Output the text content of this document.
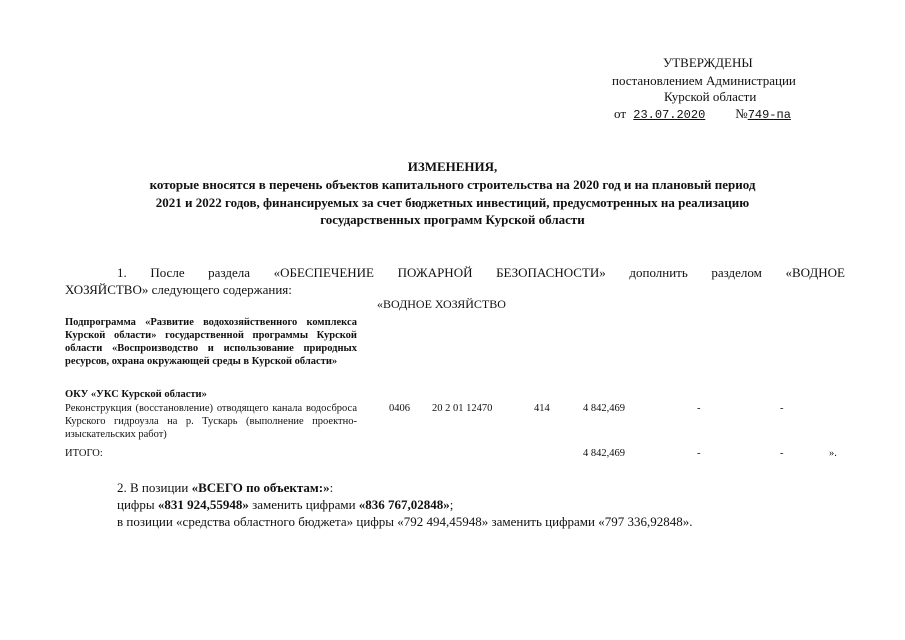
УТВЕРЖДЕНЫ
постановлением Администрации
Курской области
от 23.07.2020 №749-па
ИЗМЕНЕНИЯ,
которые вносятся в перечень объектов капитального строительства на 2020 год и на плановый период
2021 и 2022 годов, финансируемых за счет бюджетных инвестиций, предусмотренных на реализацию
государственных программ Курской области
1. После раздела «ОБЕСПЕЧЕНИЕ ПОЖАРНОЙ БЕЗОПАСНОСТИ» дополнить разделом «ВОДНОЕ
ХОЗЯЙСТВО» следующего содержания:
«ВОДНОЕ ХОЗЯЙСТВО
Подпрограмма «Развитие водохозяйственного комплекса Курской области» государственной программы Курской области «Воспроизводство и использование природных ресурсов, охрана окружающей среды в Курской области»
ОКУ «УКС Курской области»
Реконструкция (восстановление) отводящего канала водосброса Курского гидроузла на р. Тускарь (выполнение проектно-изыскательских работ)
0406 20 2 01 12470	414	4 842,469	-	-
ИТОГО:	4 842,469	-	-	».
2. В позиции «ВСЕГО по объектам:»:
цифры «831 924,55948» заменить цифрами «836 767,02848»;
в позиции «средства областного бюджета» цифры «792 494,45948» заменить цифрами «797 336,92848».
